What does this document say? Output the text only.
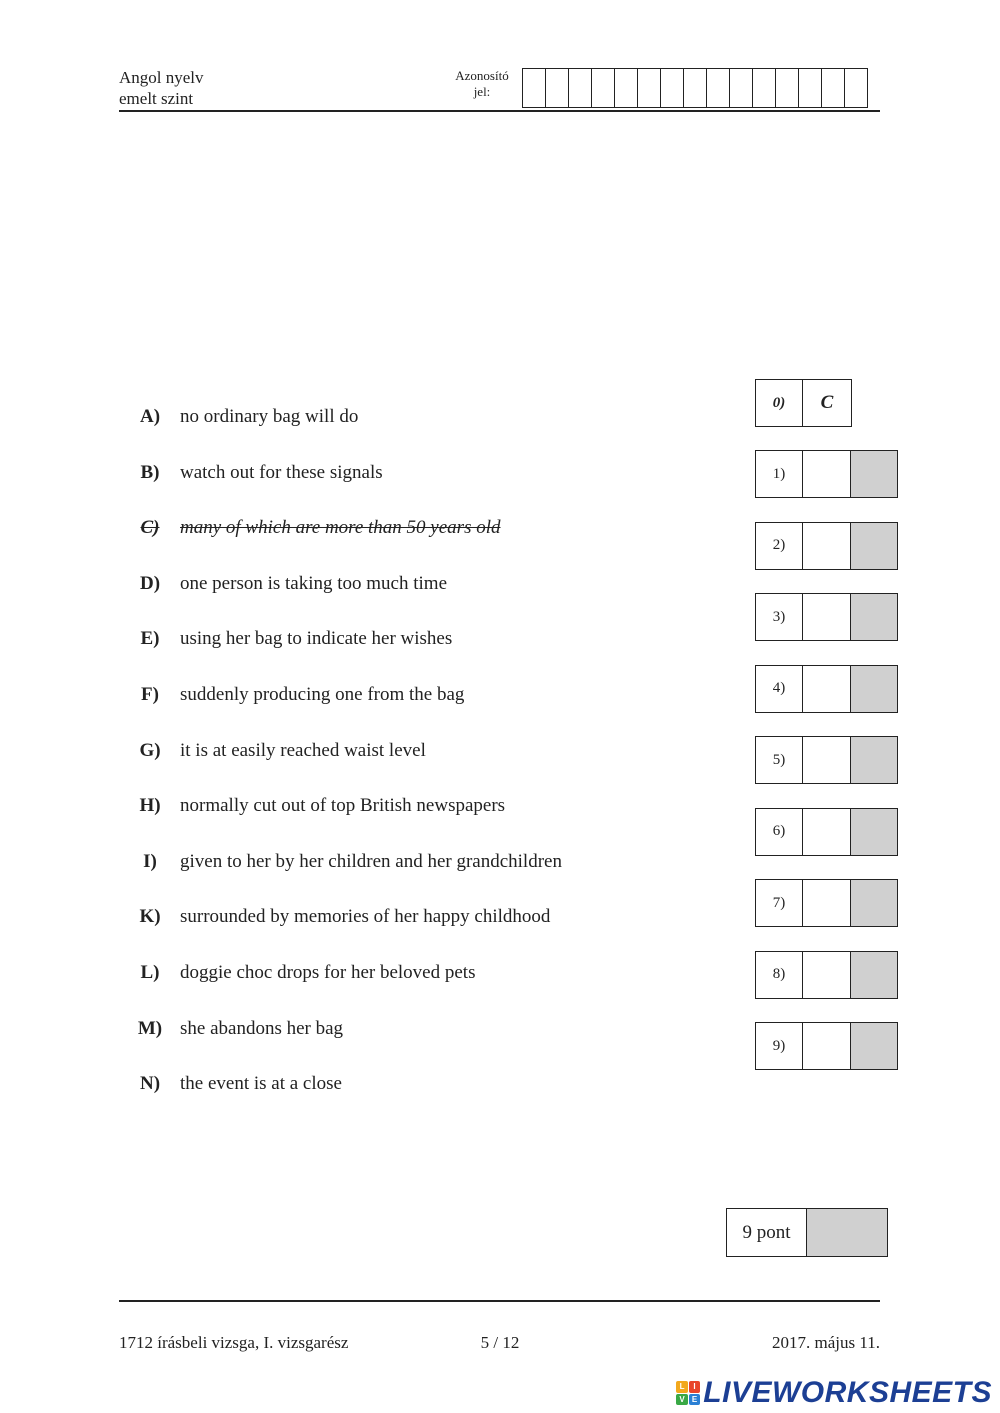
Angol nyelv
emelt szint
Azonosító
jel:
A)	no ordinary bag will do
B)	watch out for these signals
C)	many of which are more than 50 years old
D)	one person is taking too much time
E)	using her bag to indicate her wishes
F)	suddenly producing one from the bag
G)	it is at easily reached waist level
H)	normally cut out of top British newspapers
I)	given to her by her children and her grandchildren
K)	surrounded by memories of her happy childhood
L)	doggie choc drops for her beloved pets
M) she abandons her bag
N)	the event is at a close
0)	C
1)
2)
3)
4)
5)
6)
7)
8)
9)
9 pont
1712 írásbeli vizsga, I. vizsgarész	5 / 12	2017. május 11.
L	I
V E LIVEWORKSHEETS
